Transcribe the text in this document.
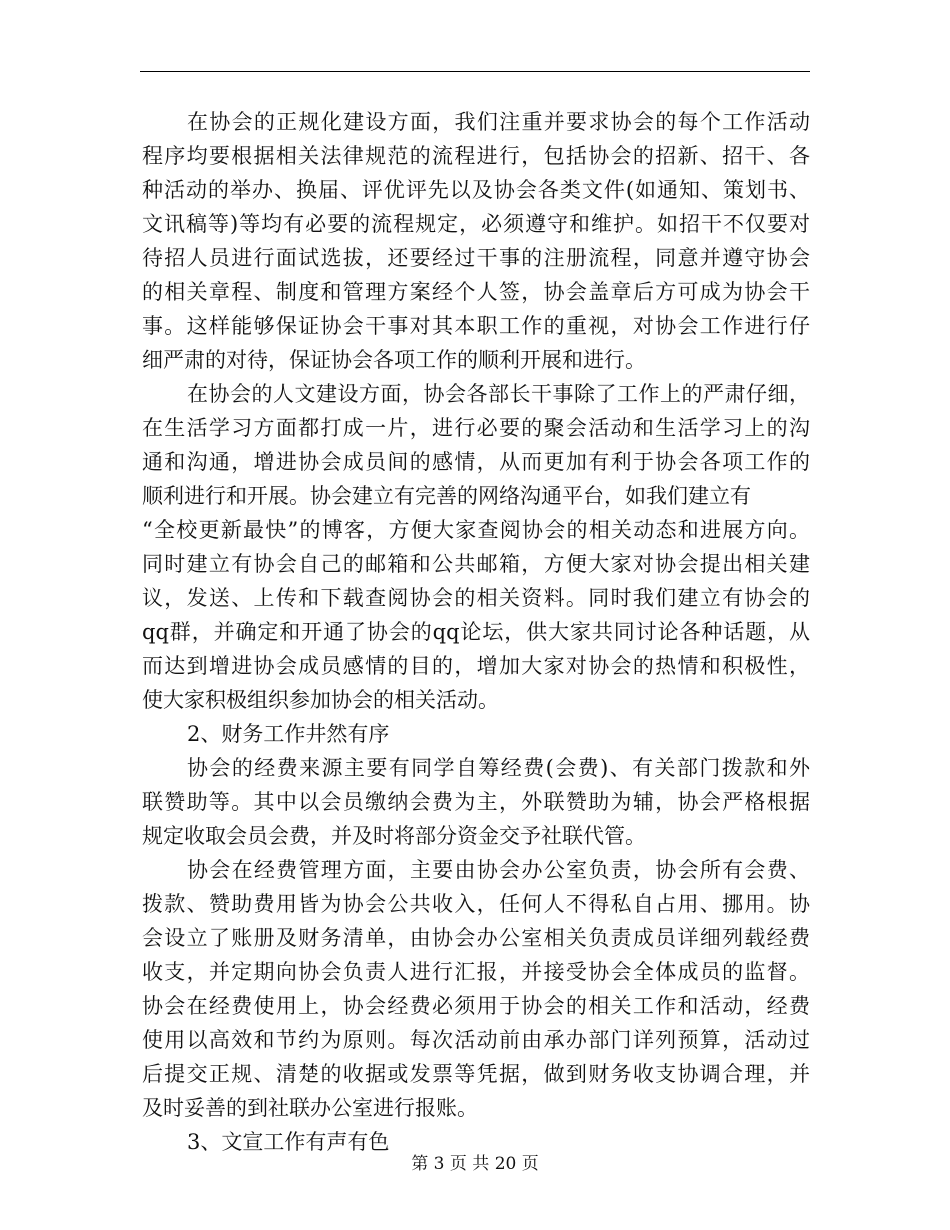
在协会的正规化建设方面，我们注重并要求协会的每个工作活动
程序均要根据相关法律规范的流程进行，包括协会的招新、招干、各
种活动的举办、换届、评优评先以及协会各类文件(如通知、策划书、
文讯稿等)等均有必要的流程规定，必须遵守和维护。如招干不仅要对
待招人员进行面试选拔，还要经过干事的注册流程，同意并遵守协会
的相关章程、制度和管理方案经个人签，协会盖章后方可成为协会干
事。这样能够保证协会干事对其本职工作的重视，对协会工作进行仔
细严肃的对待，保证协会各项工作的顺利开展和进行。
在协会的人文建设方面，协会各部长干事除了工作上的严肃仔细，
在生活学习方面都打成一片，进行必要的聚会活动和生活学习上的沟
通和沟通，增进协会成员间的感情，从而更加有利于协会各项工作的
顺利进行和开展。协会建立有完善的网络沟通平台，如我们建立有
“全校更新最快”的博客，方便大家查阅协会的相关动态和进展方向。
同时建立有协会自己的邮箱和公共邮箱，方便大家对协会提出相关建
议，发送、上传和下载查阅协会的相关资料。同时我们建立有协会的
qq群，并确定和开通了协会的qq论坛，供大家共同讨论各种话题，从
而达到增进协会成员感情的目的，增加大家对协会的热情和积极性，
使大家积极组织参加协会的相关活动。
2、财务工作井然有序
协会的经费来源主要有同学自筹经费(会费)、有关部门拨款和外
联赞助等。其中以会员缴纳会费为主，外联赞助为辅，协会严格根据
规定收取会员会费，并及时将部分资金交予社联代管。
协会在经费管理方面，主要由协会办公室负责，协会所有会费、
拨款、赞助费用皆为协会公共收入，任何人不得私自占用、挪用。协
会设立了账册及财务清单，由协会办公室相关负责成员详细列载经费
收支，并定期向协会负责人进行汇报，并接受协会全体成员的监督。
协会在经费使用上，协会经费必须用于协会的相关工作和活动，经费
使用以高效和节约为原则。每次活动前由承办部门详列预算，活动过
后提交正规、清楚的收据或发票等凭据，做到财务收支协调合理，并
及时妥善的到社联办公室进行报账。
3、文宣工作有声有色
第 3 页 共 20 页
